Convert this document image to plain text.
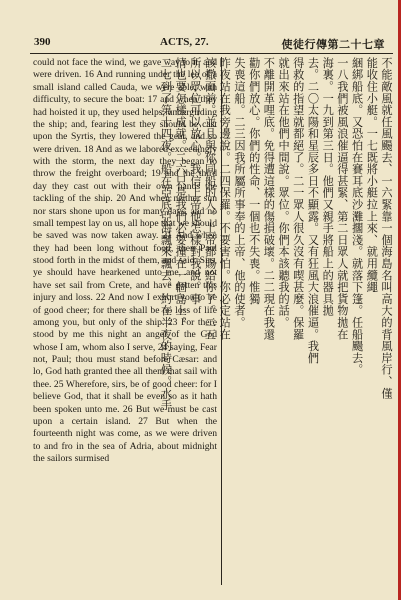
390	ACTS, 27.	使徒行傳第二十七章
could not face the wind, we gave way to it, and were driven. 16 And running under the lee of a small island called Cauda, we were able, with difficulty, to secure the boat: 17 and when they had hoisted it up, they used helps, undergirding the ship; and, fearing lest they should be cast upon the Syrtis, they lowered the gear, and so were driven. 18 And as we labored exceedingly with the storm, the next day they began to throw the freight overboard; 19 and the third day they cast out with their own hands the tackling of the ship. 20 And when neither sun nor stars shone upon us for many days, and no small tempest lay on us, all hope that we should be saved was now taken away. 21 And when they had been long without food, then Paul stood forth in the midst of them, and said, Sirs, ye should have hearkened unto me, and not have set sail from Crete, and have gotten this injury and loss. 22 And now I exhort you to be of good cheer; for there shall be no loss of life among you, but only of the ship. 23 For there stood by me this night an angel of the God whose I am, whom also I serve, 24 saying, Fear not, Paul; thou must stand before Cæsar: and lo, God hath granted thee all them that sail with thee. 25 Wherefore, sirs, be of good cheer: for I believe God, that it shall be even so as it hath been spoken unto me. 26 But we must be cast upon a certain island. 27 But when the fourteenth night was come, as we were driven to and fro in the sea of Adria, about midnight the sailors surmised
不能敵風就任風颺去、一六緊靠一個海島名叫高大的背風岸行、僅
能收住小艇。一七既將小艇拉上來、就用纜繩
綑綁船底。又恐怕在賽耳底沙灘擱淺。就落下篷。任船颺去。
一八我們被風浪催逼得甚緊、第二日眾人就把貨物拋在
海裏。一九到第三日。他們又親手將船上的器具拋
去。二〇太陽和星辰多日不顯露。又有狂風大浪催逼。我們
得救的指望就都絕了。二一眾人很久沒有喫甚麼。保羅
就出來站在他們中間說。眾位。你們本該聽我的話。
不離開革哩底。免得遭這樣的傷損破壞。二二現在我還
勸你們放心。你們的性命、一個也不失喪。惟獨
失喪這船。二三因我所屬所事奉的上帝、他的使者。
昨夜站在我旁邊說。二四保羅。不要害怕。你必定站在
該撒面前。並且與你同船的人。上帝都賜給你了。二五
所以眾位可以放心。我信上帝他怎樣對我說。事
情也要怎樣成就。二六只是我們必要撞在一個島上。
二七到了第十四夜。船在亞底亞海飄來飄去。約在半夜的時候。水手
